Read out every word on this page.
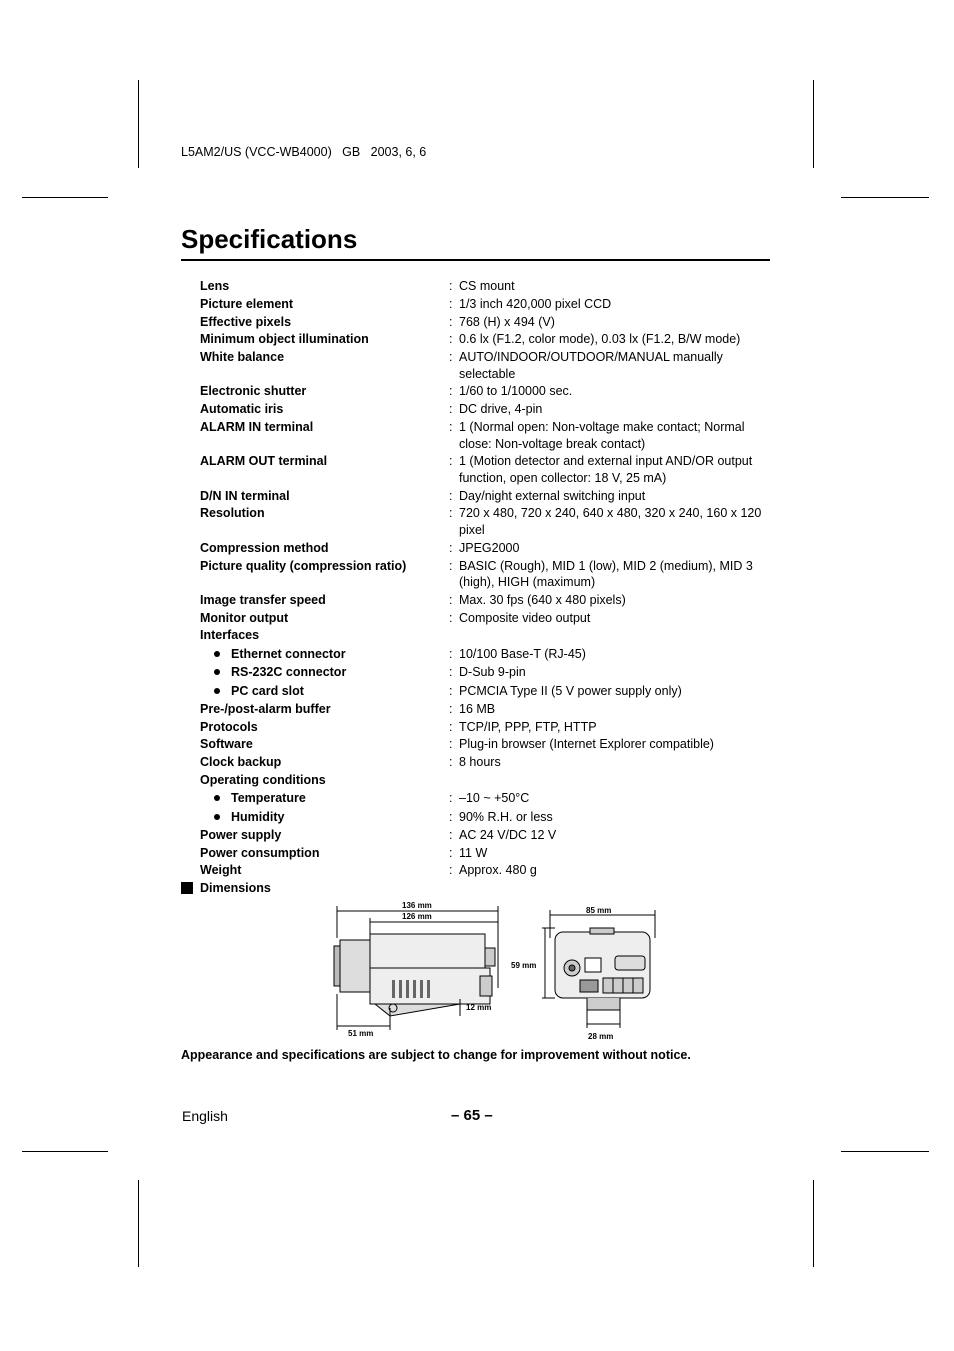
L5AM2/US (VCC-WB4000)   GB   2003, 6, 6
Specifications
Lens	: CS mount
Picture element	: 1/3 inch 420,000 pixel CCD
Effective pixels	: 768 (H) x 494 (V)
Minimum object illumination	: 0.6 lx (F1.2, color mode), 0.03 lx (F1.2, B/W mode)
White balance	: AUTO/INDOOR/OUTDOOR/MANUAL manually selectable
Electronic shutter	: 1/60 to 1/10000 sec.
Automatic iris	: DC drive, 4-pin
ALARM IN terminal	: 1 (Normal open: Non-voltage make contact; Normal close: Non-voltage break contact)
ALARM OUT terminal	: 1 (Motion detector and external input AND/OR output function, open collector: 18 V, 25 mA)
D/N IN terminal	: Day/night external switching input
Resolution	: 720 x 480, 720 x 240, 640 x 480, 320 x 240, 160 x 120 pixel
Compression method	: JPEG2000
Picture quality (compression ratio)	: BASIC (Rough), MID 1 (low), MID 2 (medium), MID 3 (high), HIGH (maximum)
Image transfer speed	: Max. 30 fps (640 x 480 pixels)
Monitor output	: Composite video output
Interfaces
Ethernet connector	: 10/100 Base-T (RJ-45)
RS-232C connector	: D-Sub 9-pin
PC card slot	: PCMCIA Type II (5 V power supply only)
Pre-/post-alarm buffer	: 16 MB
Protocols	: TCP/IP, PPP, FTP, HTTP
Software	: Plug-in browser (Internet Explorer compatible)
Clock backup	: 8 hours
Operating conditions
Temperature	: –10 ~ +50°C
Humidity	: 90% R.H. or less
Power supply	: AC 24 V/DC 12 V
Power consumption	: 11 W
Weight	: Approx. 480 g
Dimensions
136 mm
126 mm
51 mm
12 mm
85 mm
59 mm
28 mm
Appearance and specifications are subject to change for improvement without notice.
English	– 65 –
